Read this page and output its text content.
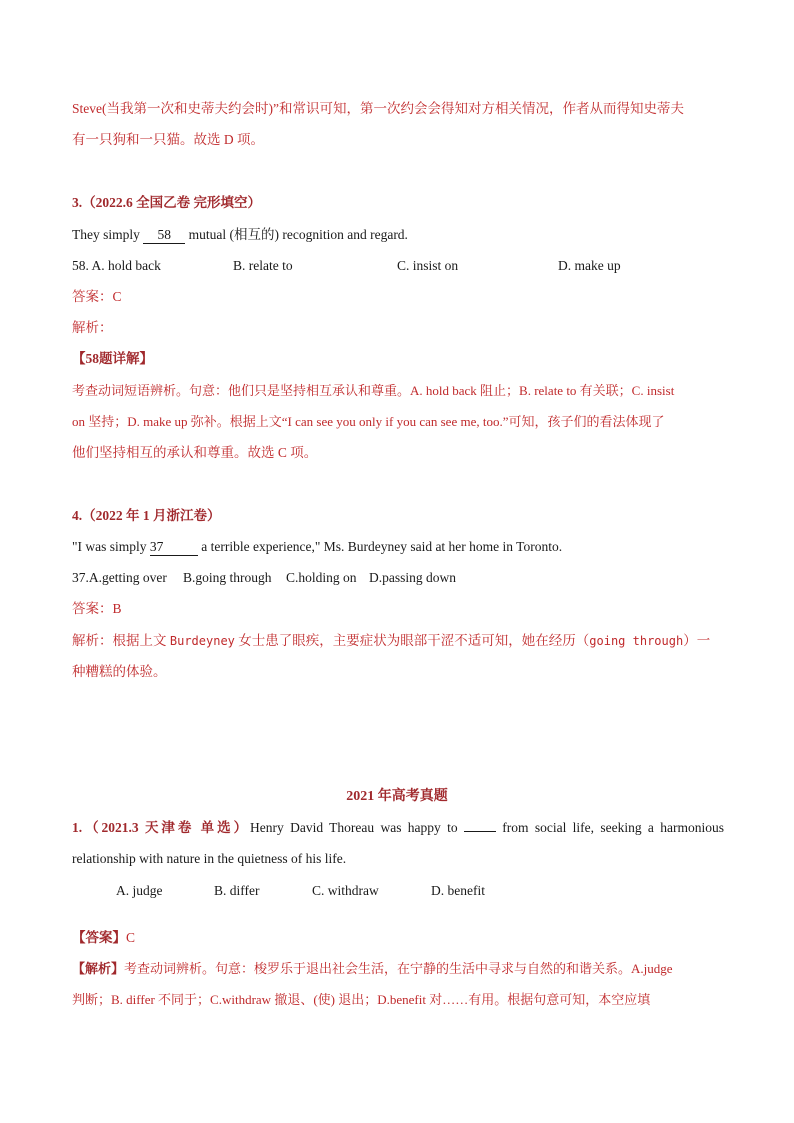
Steve(当我第一次和史蒂夫约会时)”和常识可知，第一次约会会得知对方相关情况，作者从而得知史蒂夫
有一只狗和一只猫。故选 D 项。
3.（2022.6 全国乙卷 完形填空）
They simply 58 mutual (相互的) recognition and regard.
58. A. hold back	B. relate to	C. insist on	D. make up
答案：C
解析：
【58题详解】
考查动词短语辨析。句意：他们只是坚持相互承认和尊重。A. hold back 阻止；B. relate to 有关联；C. insist
on 坚持；D. make up 弥补。根据上文“I can see you only if you can see me, too.”可知，孩子们的看法体现了
他们坚持相互的承认和尊重。故选 C 项。
4.（2022 年 1 月浙江卷）
"I was simply 37	a terrible experience," Ms. Burdeyney said at her home in Toronto.
37.A.getting over B.going through C.holding on D.passing down
答案：B
解析：根据上文 Burdeyney 女士患了眼疾，主要症状为眼部干涩不适可知，她在经历（going through）一
种糟糕的体验。
2021 年高考真题
1.（2021.3 天津卷 单选）Henry David Thoreau was happy to  from social life, seeking a harmonious
relationship with nature in the quietness of his life.
A. judge	B. differ	C. withdraw	D. benefit
【答案】C
【解析】考查动词辨析。句意：梭罗乐于退出社会生活，在宁静的生活中寻求与自然的和谐关系。A.judge
判断；B. differ 不同于；C.withdraw 撤退、(使) 退出；D.benefit 对……有用。根据句意可知，本空应填
